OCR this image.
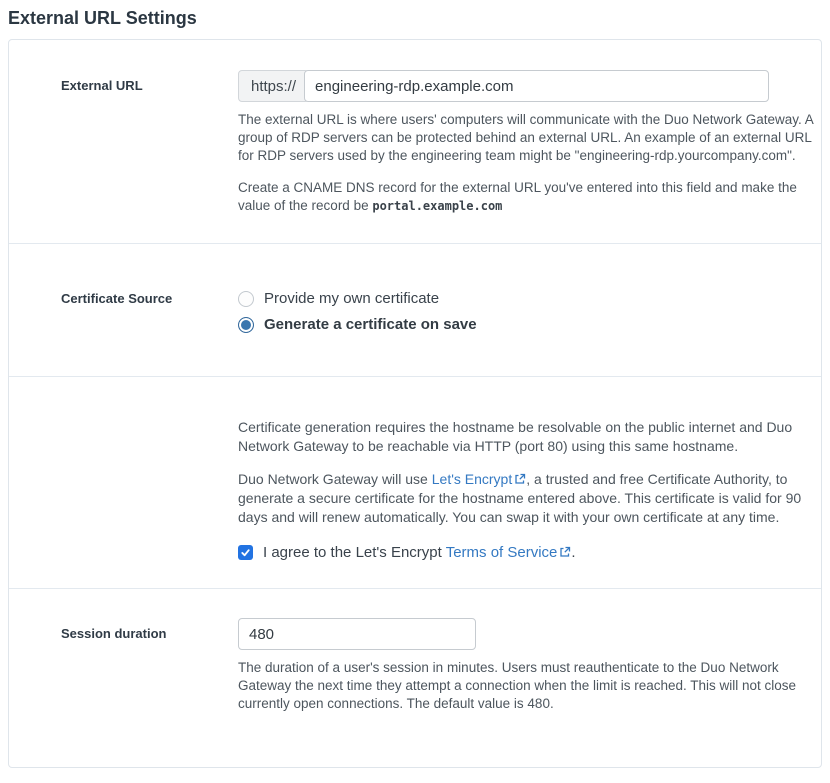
External URL Settings
External URL	https://
engineering-rdp.example.com

The external URL is where users' computers will communicate with the Duo Network Gateway. A group of RDP servers can be protected behind an external URL. An example of an external URL for RDP servers used by the engineering team might be "engineering-rdp.yourcompany.com".

Create a CNAME DNS record for the external URL you've entered into this field and make the value of the record be portal.example.com

Certificate Source	Provide my own certificate
Generate a certificate on save

Certificate generation requires the hostname be resolvable on the public internet and Duo Network Gateway to be reachable via HTTP (port 80) using this same hostname.

Duo Network Gateway will use Let's Encrypt , a trusted and free Certificate Authority, to generate a secure certificate for the hostname entered above. This certificate is valid for 90 days and will renew automatically. You can swap it with your own certificate at any time.

I agree to the Let's Encrypt Terms of Service .
Session duration
480

The duration of a user's session in minutes. Users must reauthenticate to the Duo Network Gateway the next time they attempt a connection when the limit is reached. This will not close currently open connections. The default value is 480.
